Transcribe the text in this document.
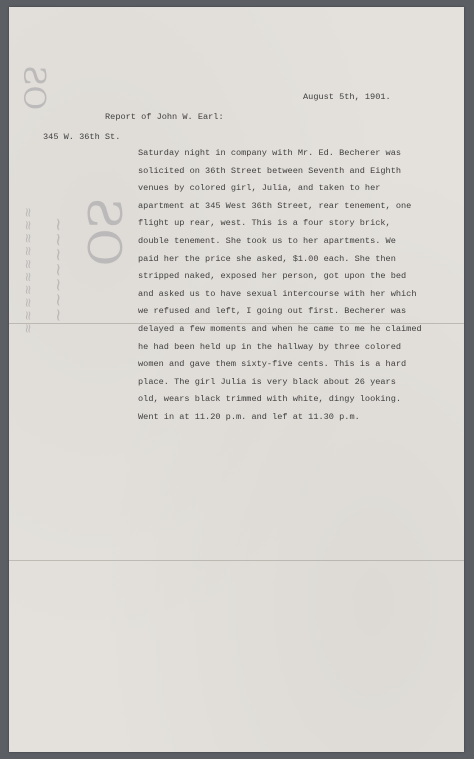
ƧO
≈≈≈≈≈≈≈≈≈≈ ~~~~~~~ ƧO
August 5th, 1901.
Report of John W. Earl:
345 W. 36th St.
Saturday night in company with Mr. Ed. Becherer was
solicited on 36th Street between Seventh and Eighth
venues by colored girl, Julia, and taken to her
apartment at 345 West 36th Street, rear tenement, one
flight up rear, west. This is a four story brick,
double tenement. She took us to her apartments. We
paid her the price she asked, $1.00 each. She then
stripped naked, exposed her person, got upon the bed
and asked us to have sexual intercourse with her which
we refused and left, I going out first. Becherer was
delayed a few moments and when he came to me he claimed
he had been held up in the hallway by three colored
women and gave them sixty-five cents. This is a hard
place. The girl Julia is very black about 26 years
old, wears black trimmed with white, dingy looking.
Went in at 11.20 p.m. and lef at 11.30 p.m.
